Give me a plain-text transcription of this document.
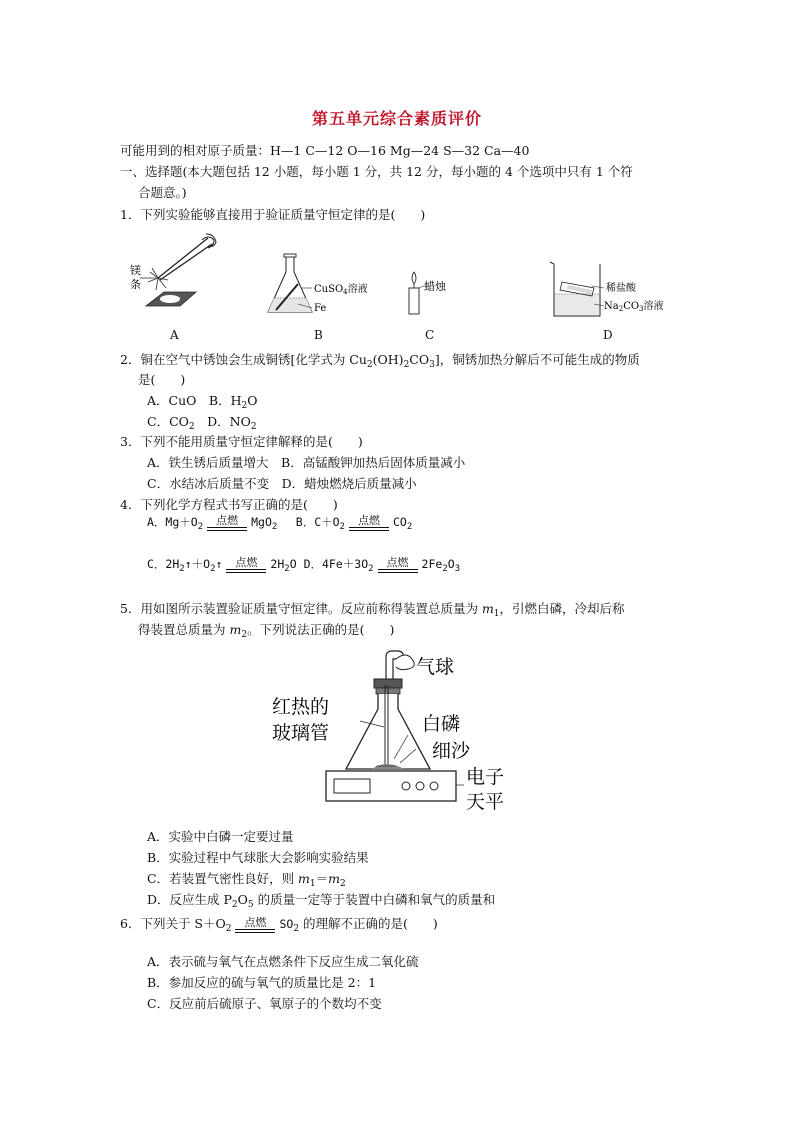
第五单元综合素质评价
可能用到的相对原子质量：H—1 C—12 O—16 Mg—24 S—32 Ca—40
一、选择题(本大题包括 12 小题，每小题 1 分，共 12 分，每小题的 4 个选项中只有 1 个符
合题意。)
1．下列实验能够直接用于验证质量守恒定律的是(　　)
镁
条
A
CuSO$_4$溶液
Fe
B
蜡烛
C
稀盐酸
$Na_2CO_3$溶液
D
2．铜在空气中锈蚀会生成铜锈[化学式为 $Cu_2(OH)_2CO_3$]，铜锈加热分解后不可能生成的物质
是(　　)
A．CuO　 B．$H_2O$
C．$CO_2$　 D．$NO_2$
3．下列不能用质量守恒定律解释的是(　　)
A．铁生锈后质量增大　 B．高锰酸钾加热后固体质量减小
C．水结冰后质量不变　 D．蜡烛燃烧后质量减小
4．下列化学方程式书写正确的是(　　)
A．$Mg+O_2$
点燃	MgO$_2$ 　 B．$C+O_2$
点燃	$CO_2$
C．$2H_2↑+O_2↑$	点燃	$2H_2O$ D．$4Fe+3O_2$
点燃	$2Fe_2O_3$
5．用如图所示装置验证质量守恒定律。反应前称得装置总质量为 $m_1$，引燃白磷，冷却后称
得装置总质量为 $m_2$。下列说法正确的是(　　)
气球
红热的
玻璃管	白磷
细沙
电子
天平
A．实验中白磷一定要过量
B．实验过程中气球胀大会影响实验结果
C．若装置气密性良好，则 $m_1=m_2$
D．反应生成 $P_2O_5$ 的质量一定等于装置中白磷和氧气的质量和
6．下列关于 $S+O_2$
点燃	$SO_2$ 的理解不正确的是(　　)
A．表示硫与氧气在点燃条件下反应生成二氧化硫
B．参加反应的硫与氧气的质量比是 2：1
C．反应前后硫原子、氧原子的个数均不变
